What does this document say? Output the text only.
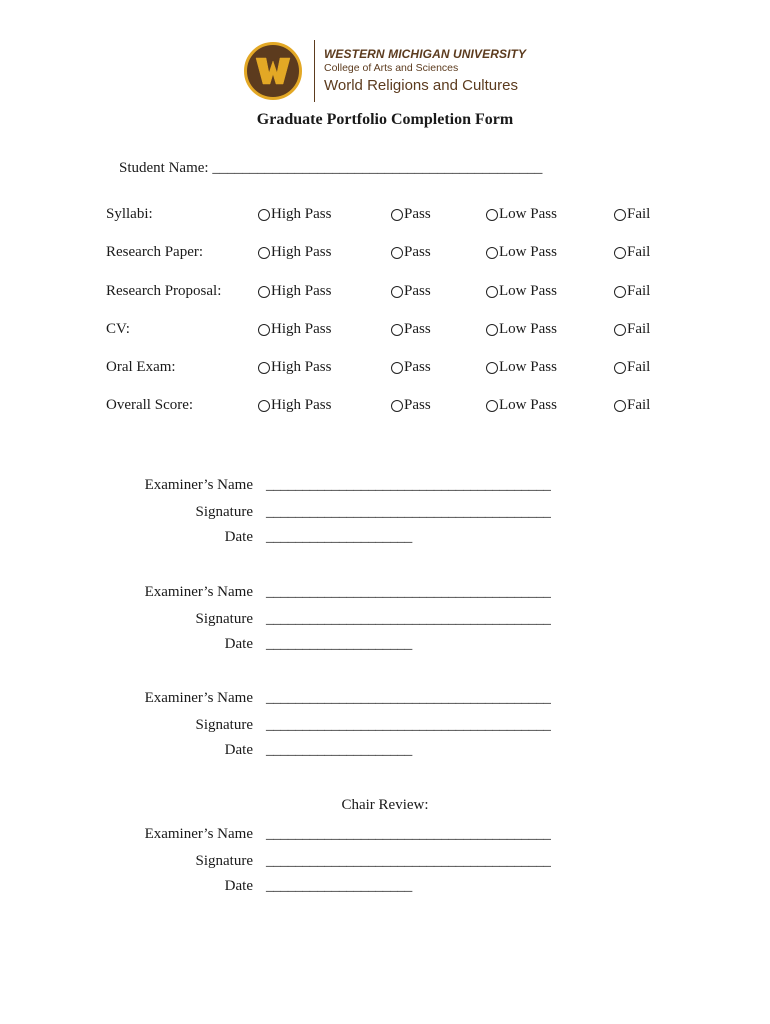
WESTERN MICHIGAN UNIVERSITY
College of Arts and Sciences
World Religions and Cultures
Graduate Portfolio Completion Form
Student Name: ____________________________________________
Syllabi:	High Pass	Pass	Low Pass	Fail
Research Paper:	High Pass	Pass	Low Pass	Fail
Research Proposal:	High Pass	Pass	Low Pass	Fail
CV:	High Pass	Pass	Low Pass	Fail
Oral Exam:	High Pass	Pass	Low Pass	Fail
Overall Score:	High Pass	Pass	Low Pass	Fail
Examiner’s Name _______________________________________
Signature _______________________________________
Date ____________________
Examiner’s Name _______________________________________
Signature _______________________________________
Date ____________________
Examiner’s Name _______________________________________
Signature _______________________________________
Date ____________________
Chair Review:
Examiner’s Name _______________________________________
Signature _______________________________________
Date ____________________
